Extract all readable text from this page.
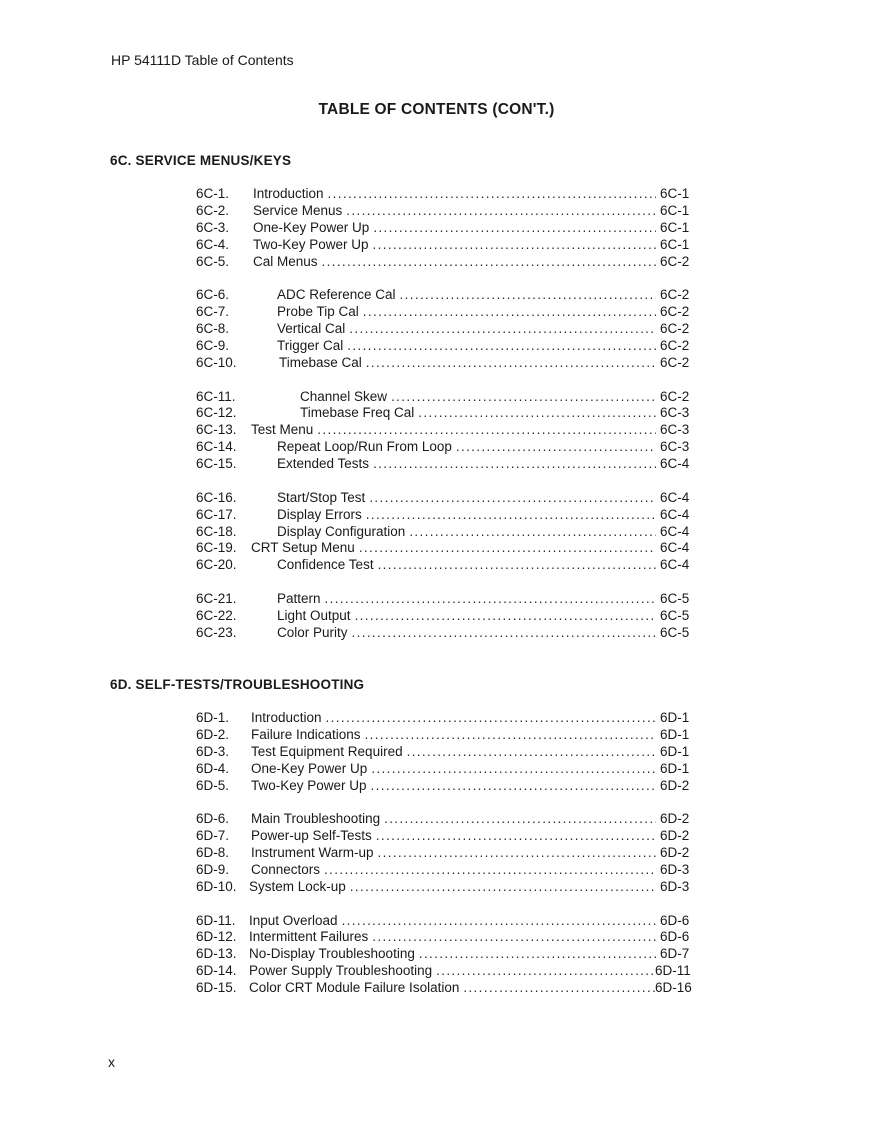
HP 54111D Table of Contents
TABLE OF CONTENTS (CON'T.)
6C. SERVICE MENUS/KEYS
6C-1.	Introduction . . .	6C-1
6C-2.	Service Menus . . .	6C-1
6C-3.	One-Key Power Up . . .	6C-1
6C-4.	Two-Key Power Up . . .	6C-1
6C-5.	Cal Menus . . .	6C-2
6C-6.	ADC Reference Cal . . .	6C-2
6C-7.	Probe Tip Cal . . .	6C-2
6C-8.	Vertical Cal . . .	6C-2
6C-9.	Trigger Cal . . .	6C-2
6C-10.	Timebase Cal . . .	6C-2
6C-11.	Channel Skew . . .	6C-2
6C-12.	Timebase Freq Cal . . .	6C-3
6C-13.	Test Menu . . .	6C-3
6C-14.	Repeat Loop/Run From Loop . . .	6C-3
6C-15.	Extended Tests . . .	6C-4
6C-16.	Start/Stop Test . . .	6C-4
6C-17.	Display Errors . . .	6C-4
6C-18.	Display Configuration . . .	6C-4
6C-19.	CRT Setup Menu . . .	6C-4
6C-20.	Confidence Test . . .	6C-4
6C-21.	Pattern . . .	6C-5
6C-22.	Light Output . . .	6C-5
6C-23.	Color Purity . . .	6C-5
6D. SELF-TESTS/TROUBLESHOOTING
6D-1.	Introduction . . .	6D-1
6D-2.	Failure Indications . . .	6D-1
6D-3.	Test Equipment Required . . .	6D-1
6D-4.	One-Key Power Up . . .	6D-1
6D-5.	Two-Key Power Up . . .	6D-2
6D-6.	Main Troubleshooting . . .	6D-2
6D-7.	Power-up Self-Tests . . .	6D-2
6D-8.	Instrument Warm-up . . .	6D-2
6D-9.	Connectors . . .	6D-3
6D-10. System Lock-up . . .	6D-3
6D-11. Input Overload . . .	6D-6
6D-12. Intermittent Failures . . .	6D-6
6D-13. No-Display Troubleshooting . . .	6D-7
6D-14. Power Supply Troubleshooting . . .	6D-11
6D-15. Color CRT Module Failure Isolation . . .	6D-16
x
